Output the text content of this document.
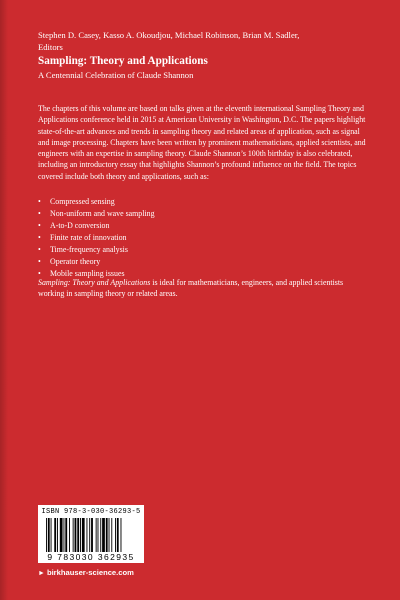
Stephen D. Casey, Kasso A. Okoudjou, Michael Robinson, Brian M. Sadler,
Editors
Sampling: Theory and Applications
A Centennial Celebration of Claude Shannon

The chapters of this volume are based on talks given at the eleventh international Sampling Theory and Applications conference held in 2015 at American University in Washington, D.C. The papers highlight state-of-the-art advances and trends in sampling theory and related areas of application, such as signal and image processing. Chapters have been written by prominent mathematicians, applied scientists, and engineers with an expertise in sampling theory. Claude Shannon’s 100th birthday is also celebrated, including an introductory essay that highlights Shannon’s profound influence on the field. The topics covered include both theory and applications, such as:

• Compressed sensing
• Non-uniform and wave sampling
• A-to-D conversion
• Finite rate of innovation
• Time-frequency analysis
• Operator theory
• Mobile sampling issues

Sampling: Theory and Applications is ideal for mathematicians, engineers, and applied scientists working in sampling theory or related areas.

ISBN 978-3-030-36293-5
9 783030 362935
► birkhauser-science.com
